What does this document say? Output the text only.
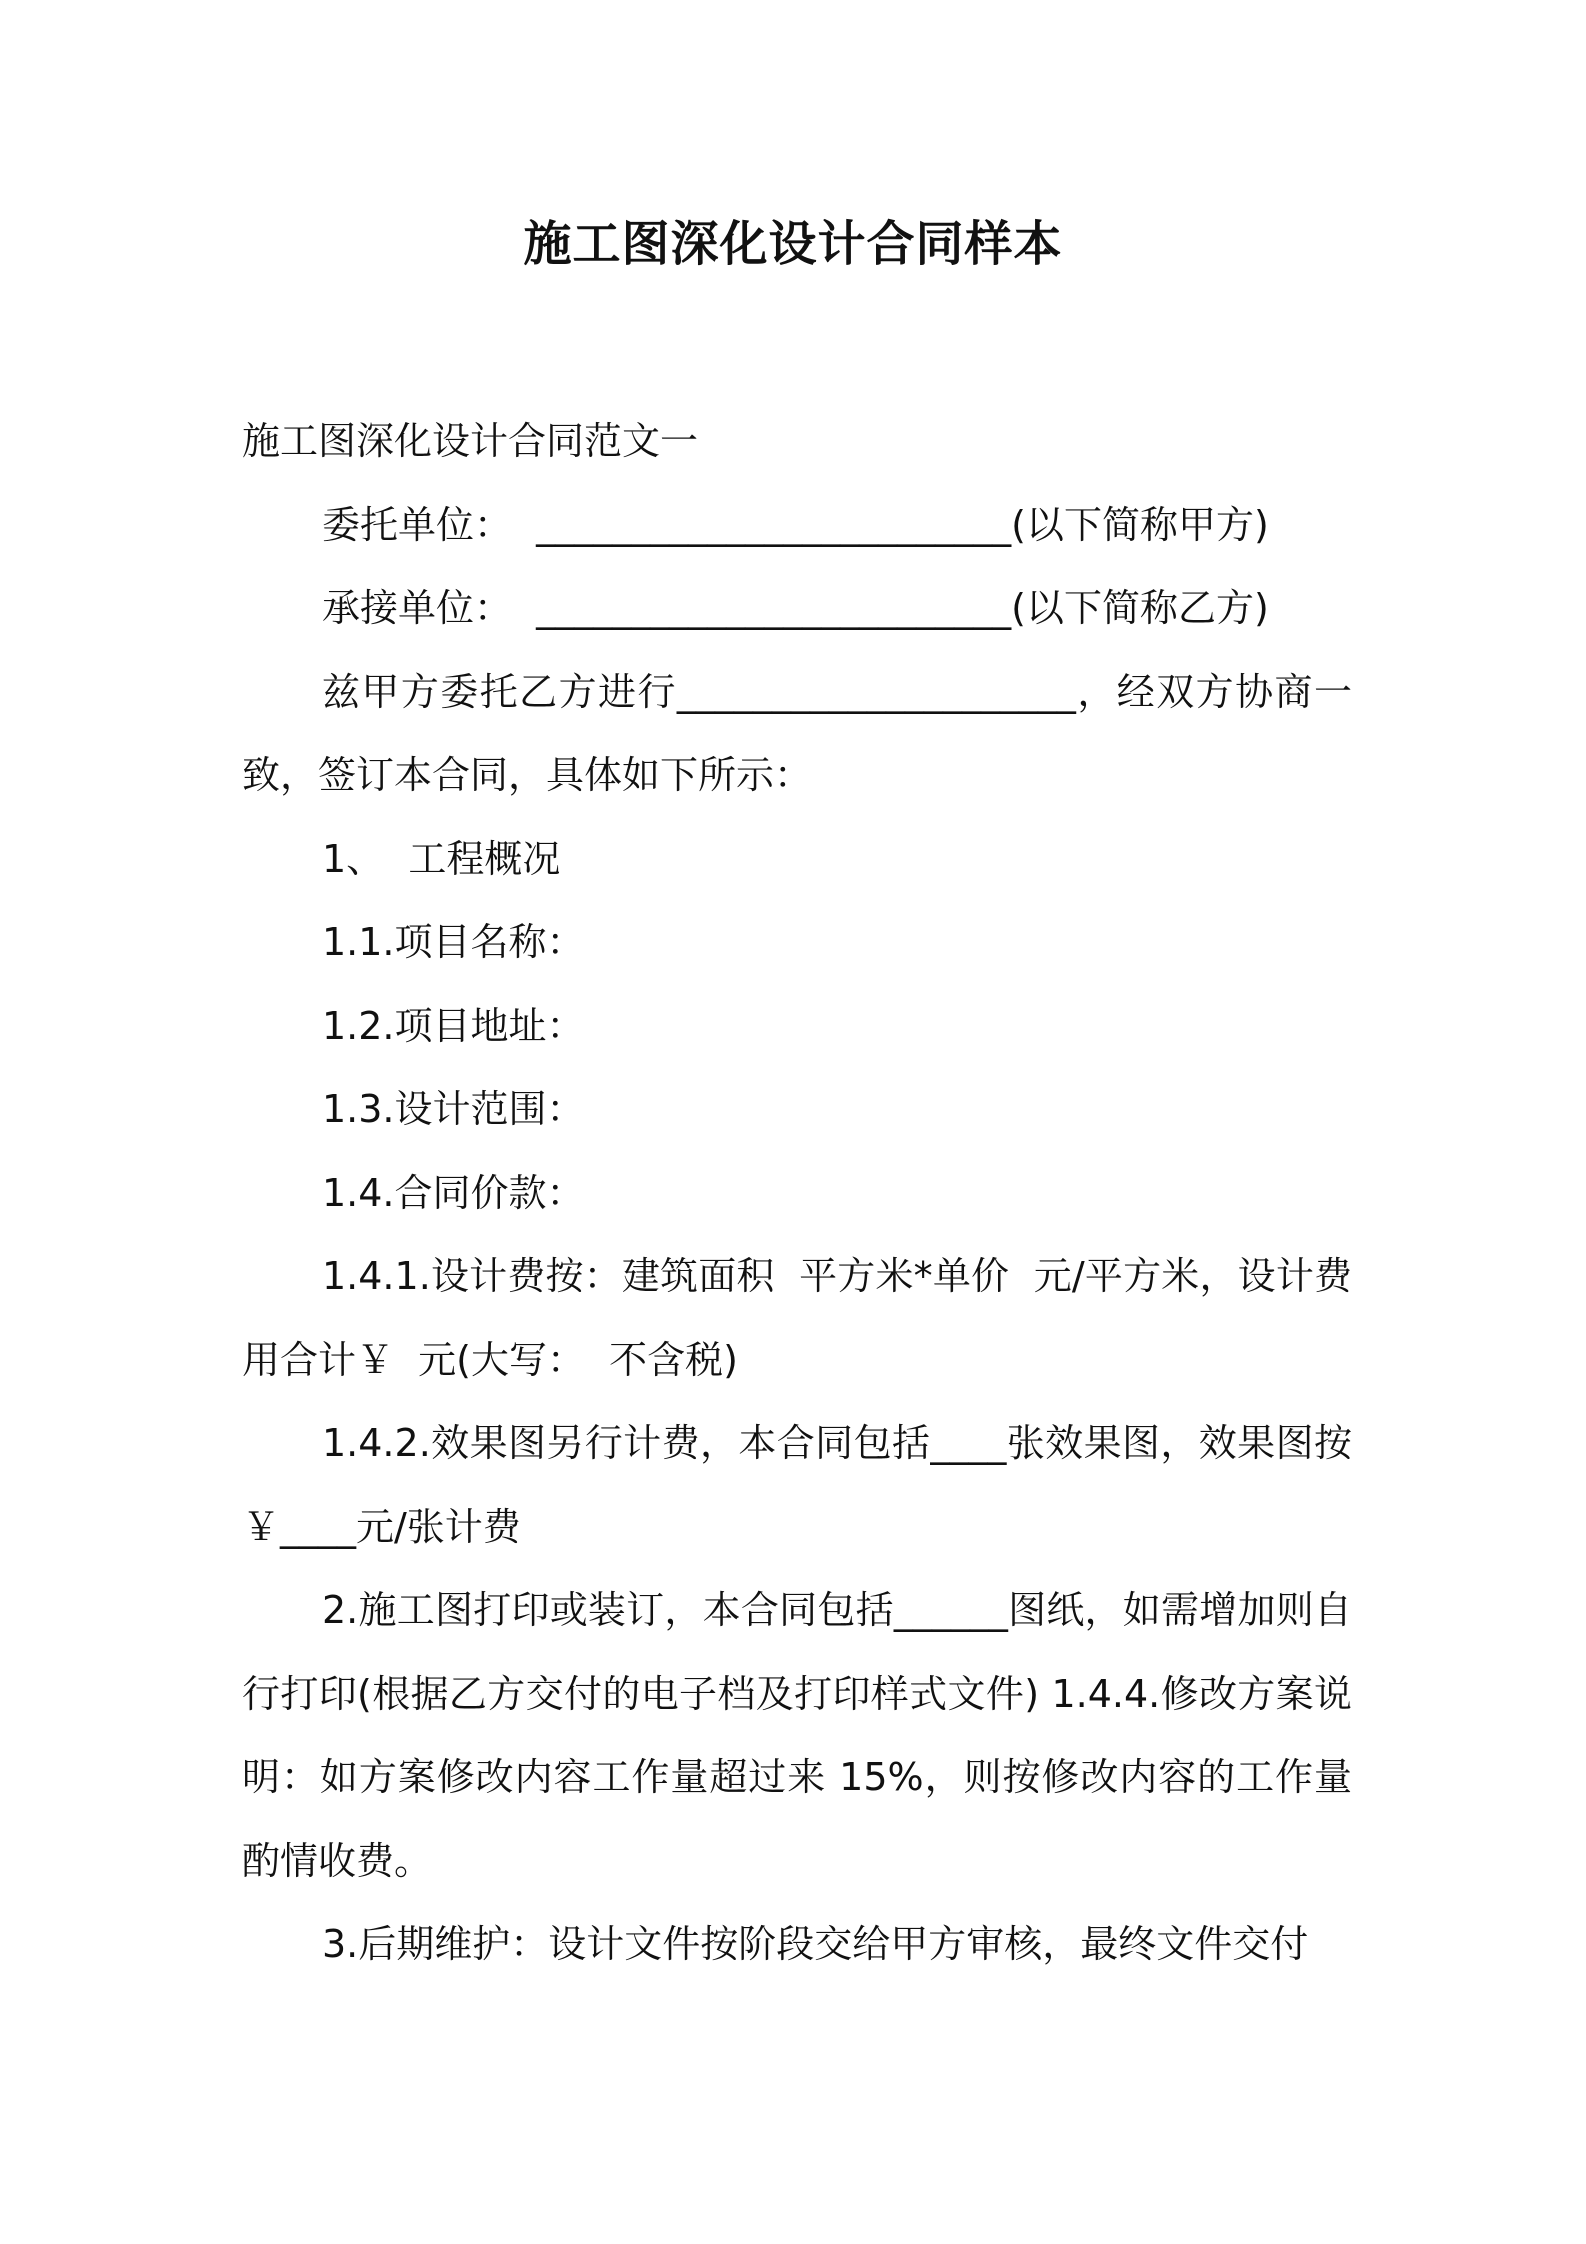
施工图深化设计合同样本

施工图深化设计合同范文一

委托单位：  _________________________(以下简称甲方)

承接单位：  _________________________(以下简称乙方)

兹甲方委托乙方进行_____________________，经双方协商一致，签订本合同，具体如下所示：

1、  工程概况

1.1.项目名称：

1.2.项目地址：

1.3.设计范围：

1.4.合同价款：

1.4.1.设计费按：建筑面积  平方米*单价  元/平方米，设计费用合计￥  元(大写：  不含税)

1.4.2.效果图另行计费，本合同包括____张效果图，效果图按￥____元/张计费

2.施工图打印或装订，本合同包括______图纸，如需增加则自行打印(根据乙方交付的电子档及打印样式文件) 1.4.4.修改方案说明：如方案修改内容工作量超过来 15%，则按修改内容的工作量酌情收费。

3.后期维护：设计文件按阶段交给甲方审核，最终文件交付
